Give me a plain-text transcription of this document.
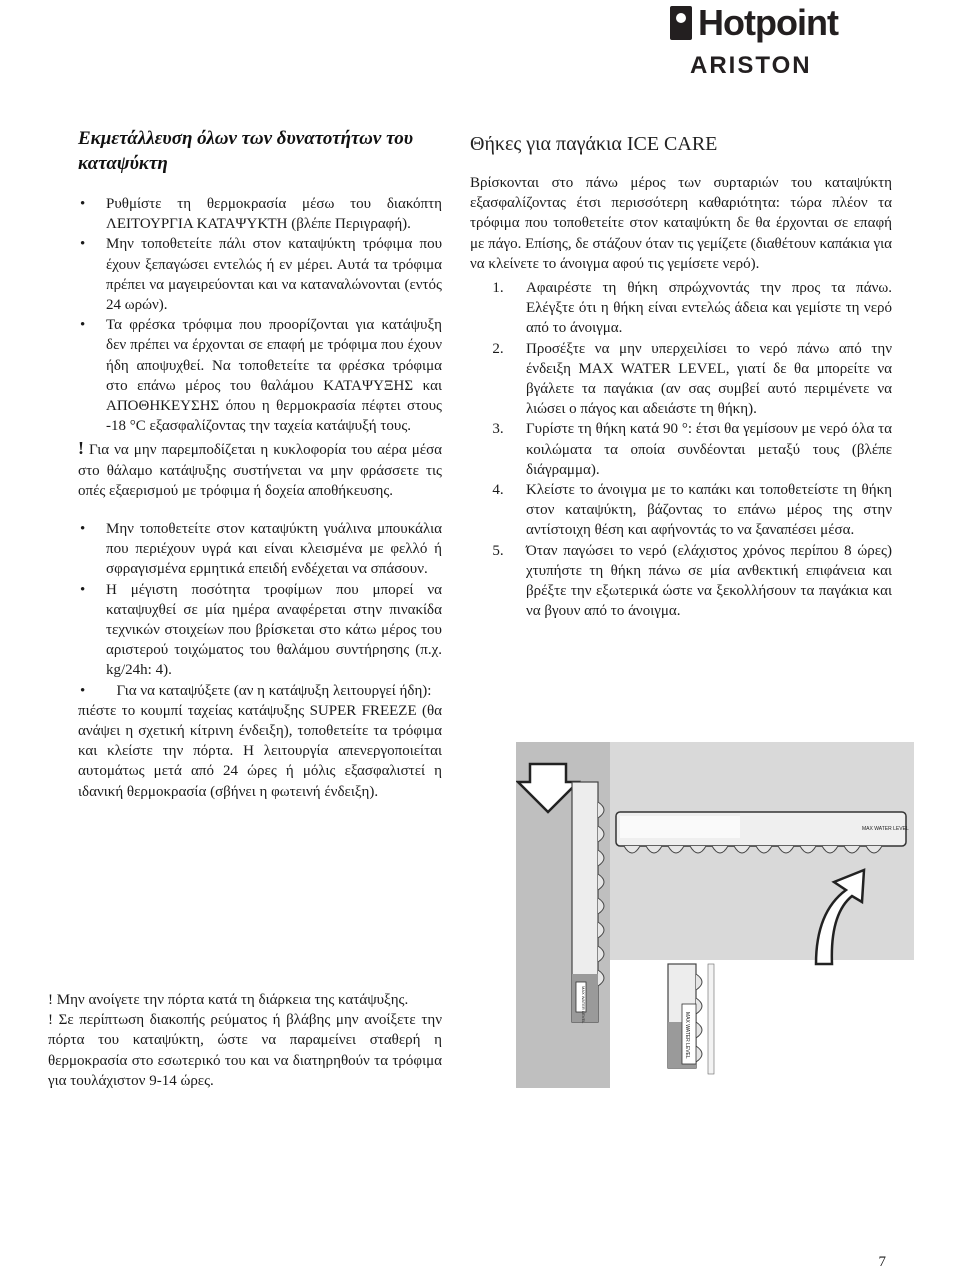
Hotpoint
ARISTON
Εκμετάλλευση όλων των δυνατοτήτων του καταψύκτη
• Ρυθμίστε τη θερμοκρασία μέσω του διακόπτη ΛΕΙΤΟΥΡΓΙΑ ΚΑΤΑΨΥΚΤΗ (βλέπε Περιγραφή).
• Μην τοποθετείτε πάλι στον καταψύκτη τρόφιμα που έχουν ξεπαγώσει εντελώς ή εν μέρει. Αυτά τα τρόφιμα πρέπει να μαγειρεύονται και να καταναλώνονται (εντός 24 ωρών).
• Τα φρέσκα τρόφιμα που προορίζονται για κατάψυξη δεν πρέπει να έρχονται σε επαφή με τρόφιμα που έχουν ήδη αποψυχθεί. Να τοποθετείτε τα φρέσκα τρόφιμα στο επάνω μέρος του θαλάμου ΚΑΤΑΨΥΞΗΣ και ΑΠΟΘΗΚΕΥΣΗΣ όπου η θερμοκρασία πέφτει στους -18 °C εξασφαλίζοντας την ταχεία κατάψυξή τους.

! Για να μην παρεμποδίζεται η κυκλοφορία του αέρα μέσα στο θάλαμο κατάψυξης συστήνεται να μην φράσσετε τις οπές εξαερισμού με τρόφιμα ή δοχεία αποθήκευσης.

• Μην τοποθετείτε στον καταψύκτη γυάλινα μπουκάλια που περιέχουν υγρά και είναι κλεισμένα με φελλό ή σφραγισμένα ερμητικά επειδή ενδέχεται να σπάσουν.
• Η μέγιστη ποσότητα τροφίμων που μπορεί να καταψυχθεί σε μία ημέρα αναφέρεται στην πινακίδα τεχνικών στοιχείων που βρίσκεται στο κάτω μέρος του αριστερού τοιχώματος του θαλάμου συντήρησης (π.χ. kg/24h: 4).
• Για να καταψύξετε (αν η κατάψυξη λειτουργεί ήδη):

πιέστε το κουμπί ταχείας κατάψυξης SUPER FREEZE (θα ανάψει η σχετική κίτρινη ένδειξη), τοποθετείτε τα τρόφιμα και κλείστε την πόρτα. Η λειτουργία απενεργοποιείται αυτομάτως μετά από 24 ώρες ή μόλις εξασφαλιστεί η ιδανική θερμοκρασία (σβήνει η φωτεινή ένδειξη).

! Μην ανοίγετε την πόρτα κατά τη διάρκεια της κατάψυξης.

! Σε περίπτωση διακοπής ρεύματος ή βλάβης μην ανοίξετε την πόρτα του καταψύκτη, ώστε να παραμείνει σταθερή η θερμοκρασία στο εσωτερικό του και να διατηρηθούν τα τρόφιμα για τουλάχιστον 9-14 ώρες.

Θήκες για παγάκια ICE CARE

Βρίσκονται στο πάνω μέρος των συρταριών του καταψύκτη εξασφαλίζοντας έτσι περισσότερη καθαριότητα: τώρα πλέον τα τρόφιμα που τοποθετείτε στον καταψύκτη δε θα έρχονται σε επαφή με πάγο. Επίσης, δε στάζουν όταν τις γεμίζετε (διαθέτουν καπάκια για να κλείνετε το άνοιγμα αφού τις γεμίσετε νερό).

1.	Αφαιρέστε τη θήκη σπρώχνοντάς την προς τα πάνω. Ελέγξτε ότι η θήκη είναι εντελώς άδεια και γεμίστε τη νερό από το άνοιγμα.
2.	Προσέξτε να μην υπερχειλίσει το νερό πάνω από την ένδειξη MAX WATER LEVEL, γιατί δε θα μπορείτε να βγάλετε τα παγάκια (αν σας συμβεί αυτό περιμένετε να λιώσει ο πάγος και αδειάστε τη θήκη).
3.	Γυρίστε τη θήκη κατά 90 °: έτσι θα γεμίσουν με νερό όλα τα κοιλώματα τα οποία συνδέονται μεταξύ τους (βλέπε διάγραμμα).
4.	Κλείστε το άνοιγμα με το καπάκι και τοποθετείστε τη θήκη στον καταψύκτη, βάζοντας το επάνω μέρος της στην αντίστοιχη θέση και αφήνοντάς το να ξαναπέσει μέσα.
5.	Όταν παγώσει το νερό (ελάχιστος χρόνος περίπου 8 ώρες) χτυπήστε τη θήκη πάνω σε μία ανθεκτική επιφάνεια και βρέξτε την εξωτερικά ώστε να ξεκολλήσουν τα παγάκια και να βγουν από το άνοιγμα.
MAX WATER LEVEL
MAX WATER LEVEL
MAX WATER LEVEL
7
